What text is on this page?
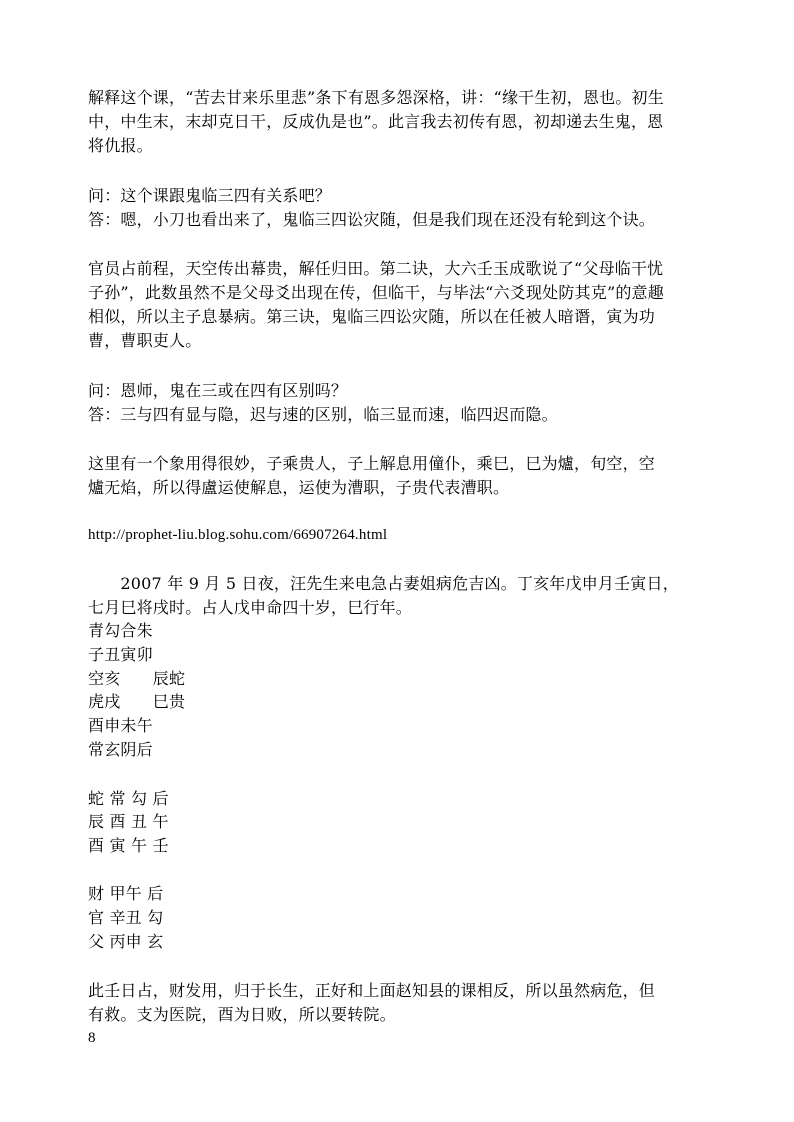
解释这个课，“苦去甘来乐里悲”条下有恩多怨深格，讲：“缘干生初，恩也。初生
中，中生末，末却克日干，反成仇是也”。此言我去初传有恩，初却递去生鬼，恩
将仇报。
问：这个课跟鬼临三四有关系吧？
答：嗯，小刀也看出来了，鬼临三四讼灾随，但是我们现在还没有轮到这个诀。
官员占前程，天空传出幕贵，解任归田。第二诀，大六壬玉成歌说了“父母临干忧
子孙”，此数虽然不是父母爻出现在传，但临干，与毕法“六爻现处防其克”的意趣
相似，所以主子息暴病。第三诀，鬼临三四讼灾随，所以在任被人暗谮，寅为功
曹，曹职吏人。
问：恩师，鬼在三或在四有区别吗？
答：三与四有显与隐，迟与速的区别，临三显而速，临四迟而隐。
这里有一个象用得很妙，子乘贵人，子上解息用僮仆，乘巳，巳为爐，旬空，空
爐无焰，所以得盧运使解息，运使为漕职，子贵代表漕职。
http://prophet-liu.blog.sohu.com/66907264.html
　　2007 年 9 月 5 日夜，汪先生来电急占妻姐病危吉凶。丁亥年戊申月壬寅日，
七月巳将戌时。占人戊申命四十岁，巳行年。
青勾合朱
子丑寅卯
空亥　　辰蛇
虎戌　　巳贵
酉申未午
常玄阴后
蛇 常 勾 后
辰 酉 丑 午
酉 寅 午 壬
财 甲午 后
官 辛丑 勾
父 丙申 玄
此壬日占，财发用，归于长生，正好和上面赵知县的课相反，所以虽然病危，但
有救。支为医院，酉为日败，所以要转院。
8
